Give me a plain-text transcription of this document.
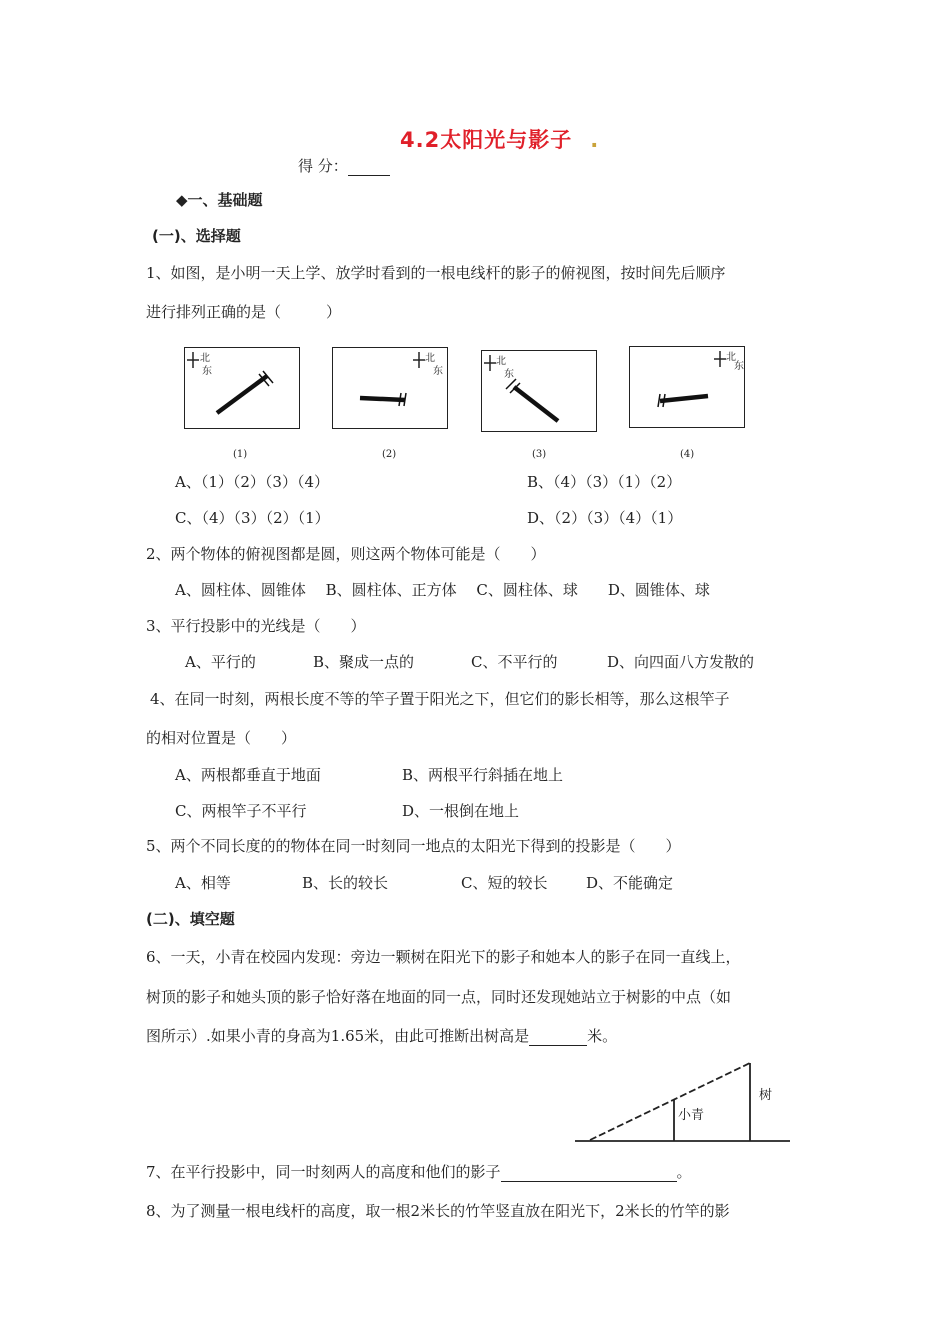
4.2太阳光与影子 .
得 分：
◆一、基础题
(一)、选择题
1、如图，是小明一天上学、放学时看到的一根电线杆的影子的俯视图，按时间先后顺序
进行排列正确的是（　　　）
北
东
(1)
北
东
(2)
北
东
(3)
北
东
(4)
A、（1）（2）（3）（4）	B、（4）（3）（1）（2）
C、（4）（3）（2）（1）	D、（2）（3）（4）（1）
2、两个物体的俯视图都是圆，则这两个物体可能是（　　）
A、圆柱体、圆锥体　 B、圆柱体、正方体　 C、圆柱体、球　　D、圆锥体、球
3、平行投影中的光线是（　　）
A、平行的	B、聚成一点的	C、不平行的	D、向四面八方发散的
4、在同一时刻，两根长度不等的竿子置于阳光之下，但它们的影长相等，那么这根竿子
的相对位置是（　　）
A、两根都垂直于地面	B、两根平行斜插在地上
C、两根竿子不平行	D、一根倒在地上
5、两个不同长度的的物体在同一时刻同一地点的太阳光下得到的投影是（　　）
A、相等	B、长的较长	C、短的较长	D、不能确定
(二)、填空题
6、一天，小青在校园内发现：旁边一颗树在阳光下的影子和她本人的影子在同一直线上，
树顶的影子和她头顶的影子恰好落在地面的同一点，同时还发现她站立于树影的中点（如
图所示）.如果小青的身高为1.65米，由此可推断出树高是	米。
小青
树
7、在平行投影中，同一时刻两人的高度和他们的影子	。
8、为了测量一根电线杆的高度，取一根2米长的竹竿竖直放在阳光下，2米长的竹竿的影
